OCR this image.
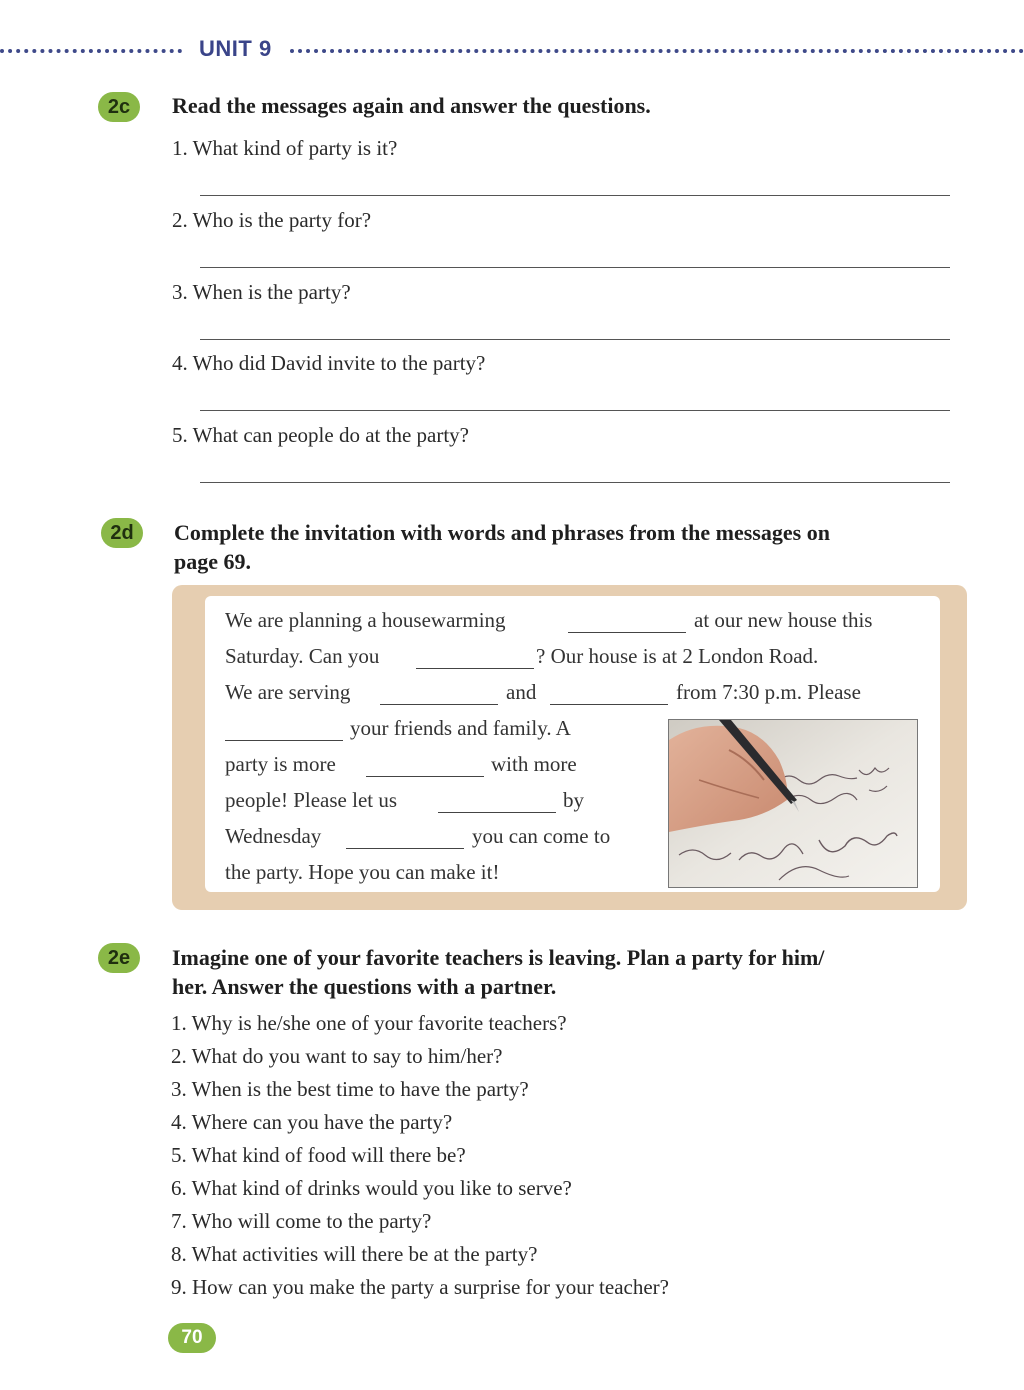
UNIT 9
2c	Read the messages again and answer the questions.
1. What kind of party is it?
2. Who is the party for?
3. When is the party?
4. Who did David invite to the party?
5. What can people do at the party?
2d	Complete the invitation with words and phrases from the messages on
page 69.
We are planning a housewarming	at our new house this
Saturday. Can you	? Our house is at 2 London Road.
We are serving	and	from 7:30 p.m. Please
your friends and family. A
party is more	with more
people! Please let us	by
Wednesday	you can come to
the party. Hope you can make it!
2e	Imagine one of your favorite teachers is leaving. Plan a party for him/
her. Answer the questions with a partner.
1. Why is he/she one of your favorite teachers?
2. What do you want to say to him/her?
3. When is the best time to have the party?
4. Where can you have the party?
5. What kind of food will there be?
6. What kind of drinks would you like to serve?
7. Who will come to the party?
8. What activities will there be at the party?
9. How can you make the party a surprise for your teacher?
70
